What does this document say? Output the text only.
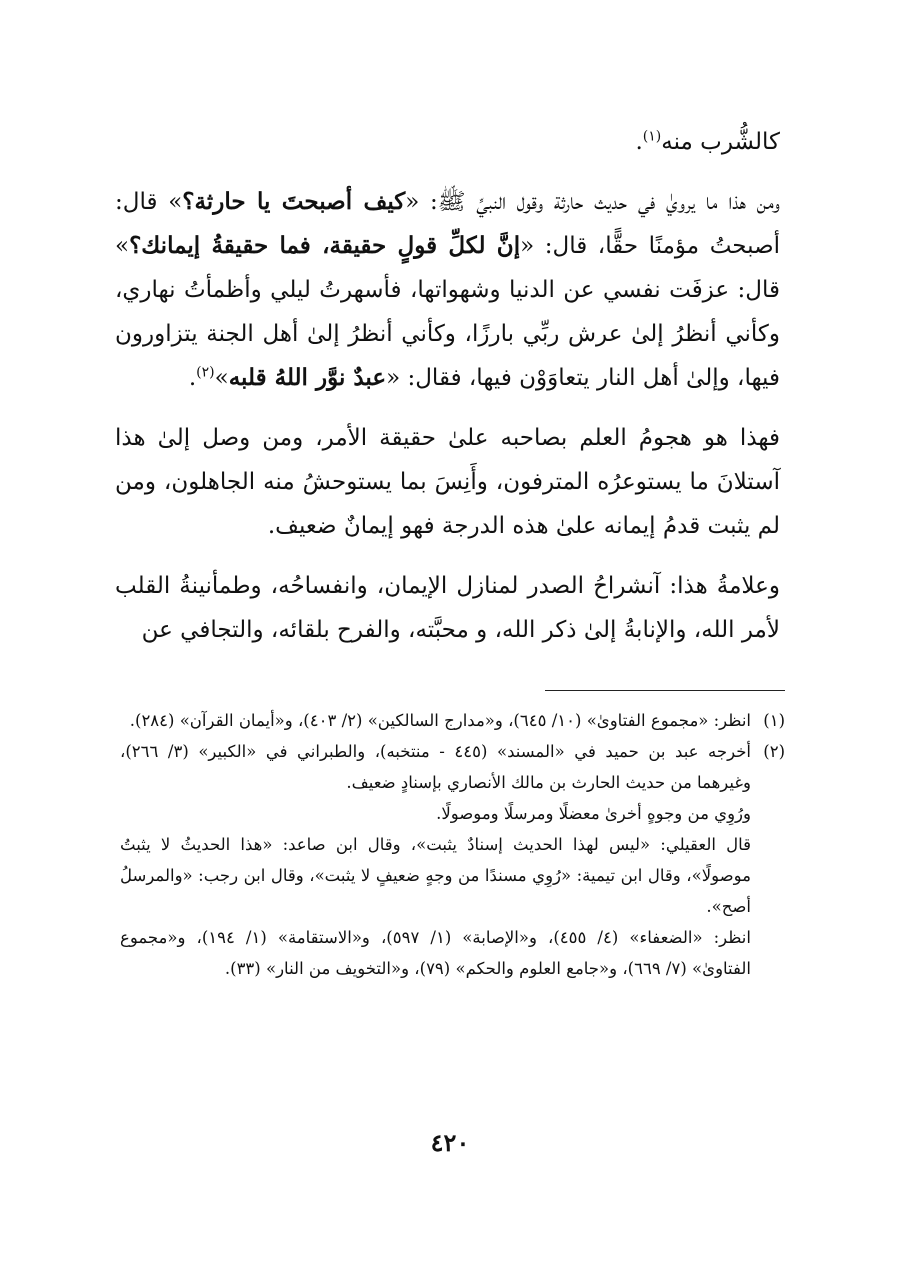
كالشُّرب منه$^{(١)}$.

ومن هذا ما يرويٰ في حديث حارثة وقول النبيِّ ﷺ: «كيف أصبحتَ يا حارثة؟» قال: أصبحتُ مؤمنًا حقًّا، قال: «إنَّ لكلِّ قولٍ حقيقة، فما حقيقةُ إيمانك؟» قال: عزفَت نفسي عن الدنيا وشهواتها، فأسهرتُ ليلي وأظمأتُ نهاري، وكأني أنظرُ إلىٰ عرش ربِّي بارزًا، وكأني أنظرُ إلىٰ أهل الجنة يتزاورون فيها، وإلىٰ أهل النار يتعاوَوْن فيها، فقال: «عبدٌ نوَّر اللهُ قلبه»$^{(٢)}$.

فهذا هو هجومُ العلم بصاحبه علىٰ حقيقة الأمر، ومن وصل إلىٰ هذا آستلانَ ما يستوعرُه المترفون، وأَنِسَ بما يستوحشُ منه الجاهلون، ومن لم يثبت قدمُ إيمانه علىٰ هذه الدرجة فهو إيمانٌ ضعيف.

وعلامةُ هذا: آنشراحُ الصدر لمنازل الإيمان، وانفساحُه، وطمأنينةُ القلب لأمر الله، والإنابةُ إلىٰ ذكر الله، و محبَّته، والفرح بلقائه، والتجافي عن

(١)
انظر: «مجموع الفتاوىٰ» (١٠/ ٦٤٥)، و«مدارج السالكين» (٢/ ٤٠٣)، و«أيمان القرآن» (٢٨٤).
(٢)
أخرجه عبد بن حميد في «المسند» (٤٤٥ - منتخبه)، والطبراني في «الكبير» (٣/ ٢٦٦)، وغيرهما من حديث الحارث بن مالك الأنصاري بإسنادٍ ضعيف.
ورُوِي من وجوهٍ أخرىٰ معضلًا ومرسلًا وموصولًا.
قال العقيلي: «ليس لهذا الحديث إسنادٌ يثبت»، وقال ابن صاعد: «هذا الحديثُ لا يثبتُ موصولًا»، وقال ابن تيمية: «رُوِي مسندًا من وجهٍ ضعيفٍ لا يثبت»، وقال ابن رجب: «والمرسلُ أصح».
انظر: «الضعفاء» (٤/ ٤٥٥)، و«الإصابة» (١/ ٥٩٧)، و«الاستقامة» (١/ ١٩٤)، و«مجموع الفتاوىٰ» (٧/ ٦٦٩)، و«جامع العلوم والحكم» (٧٩)، و«التخويف من النار» (٣٣).
٤٢٠
